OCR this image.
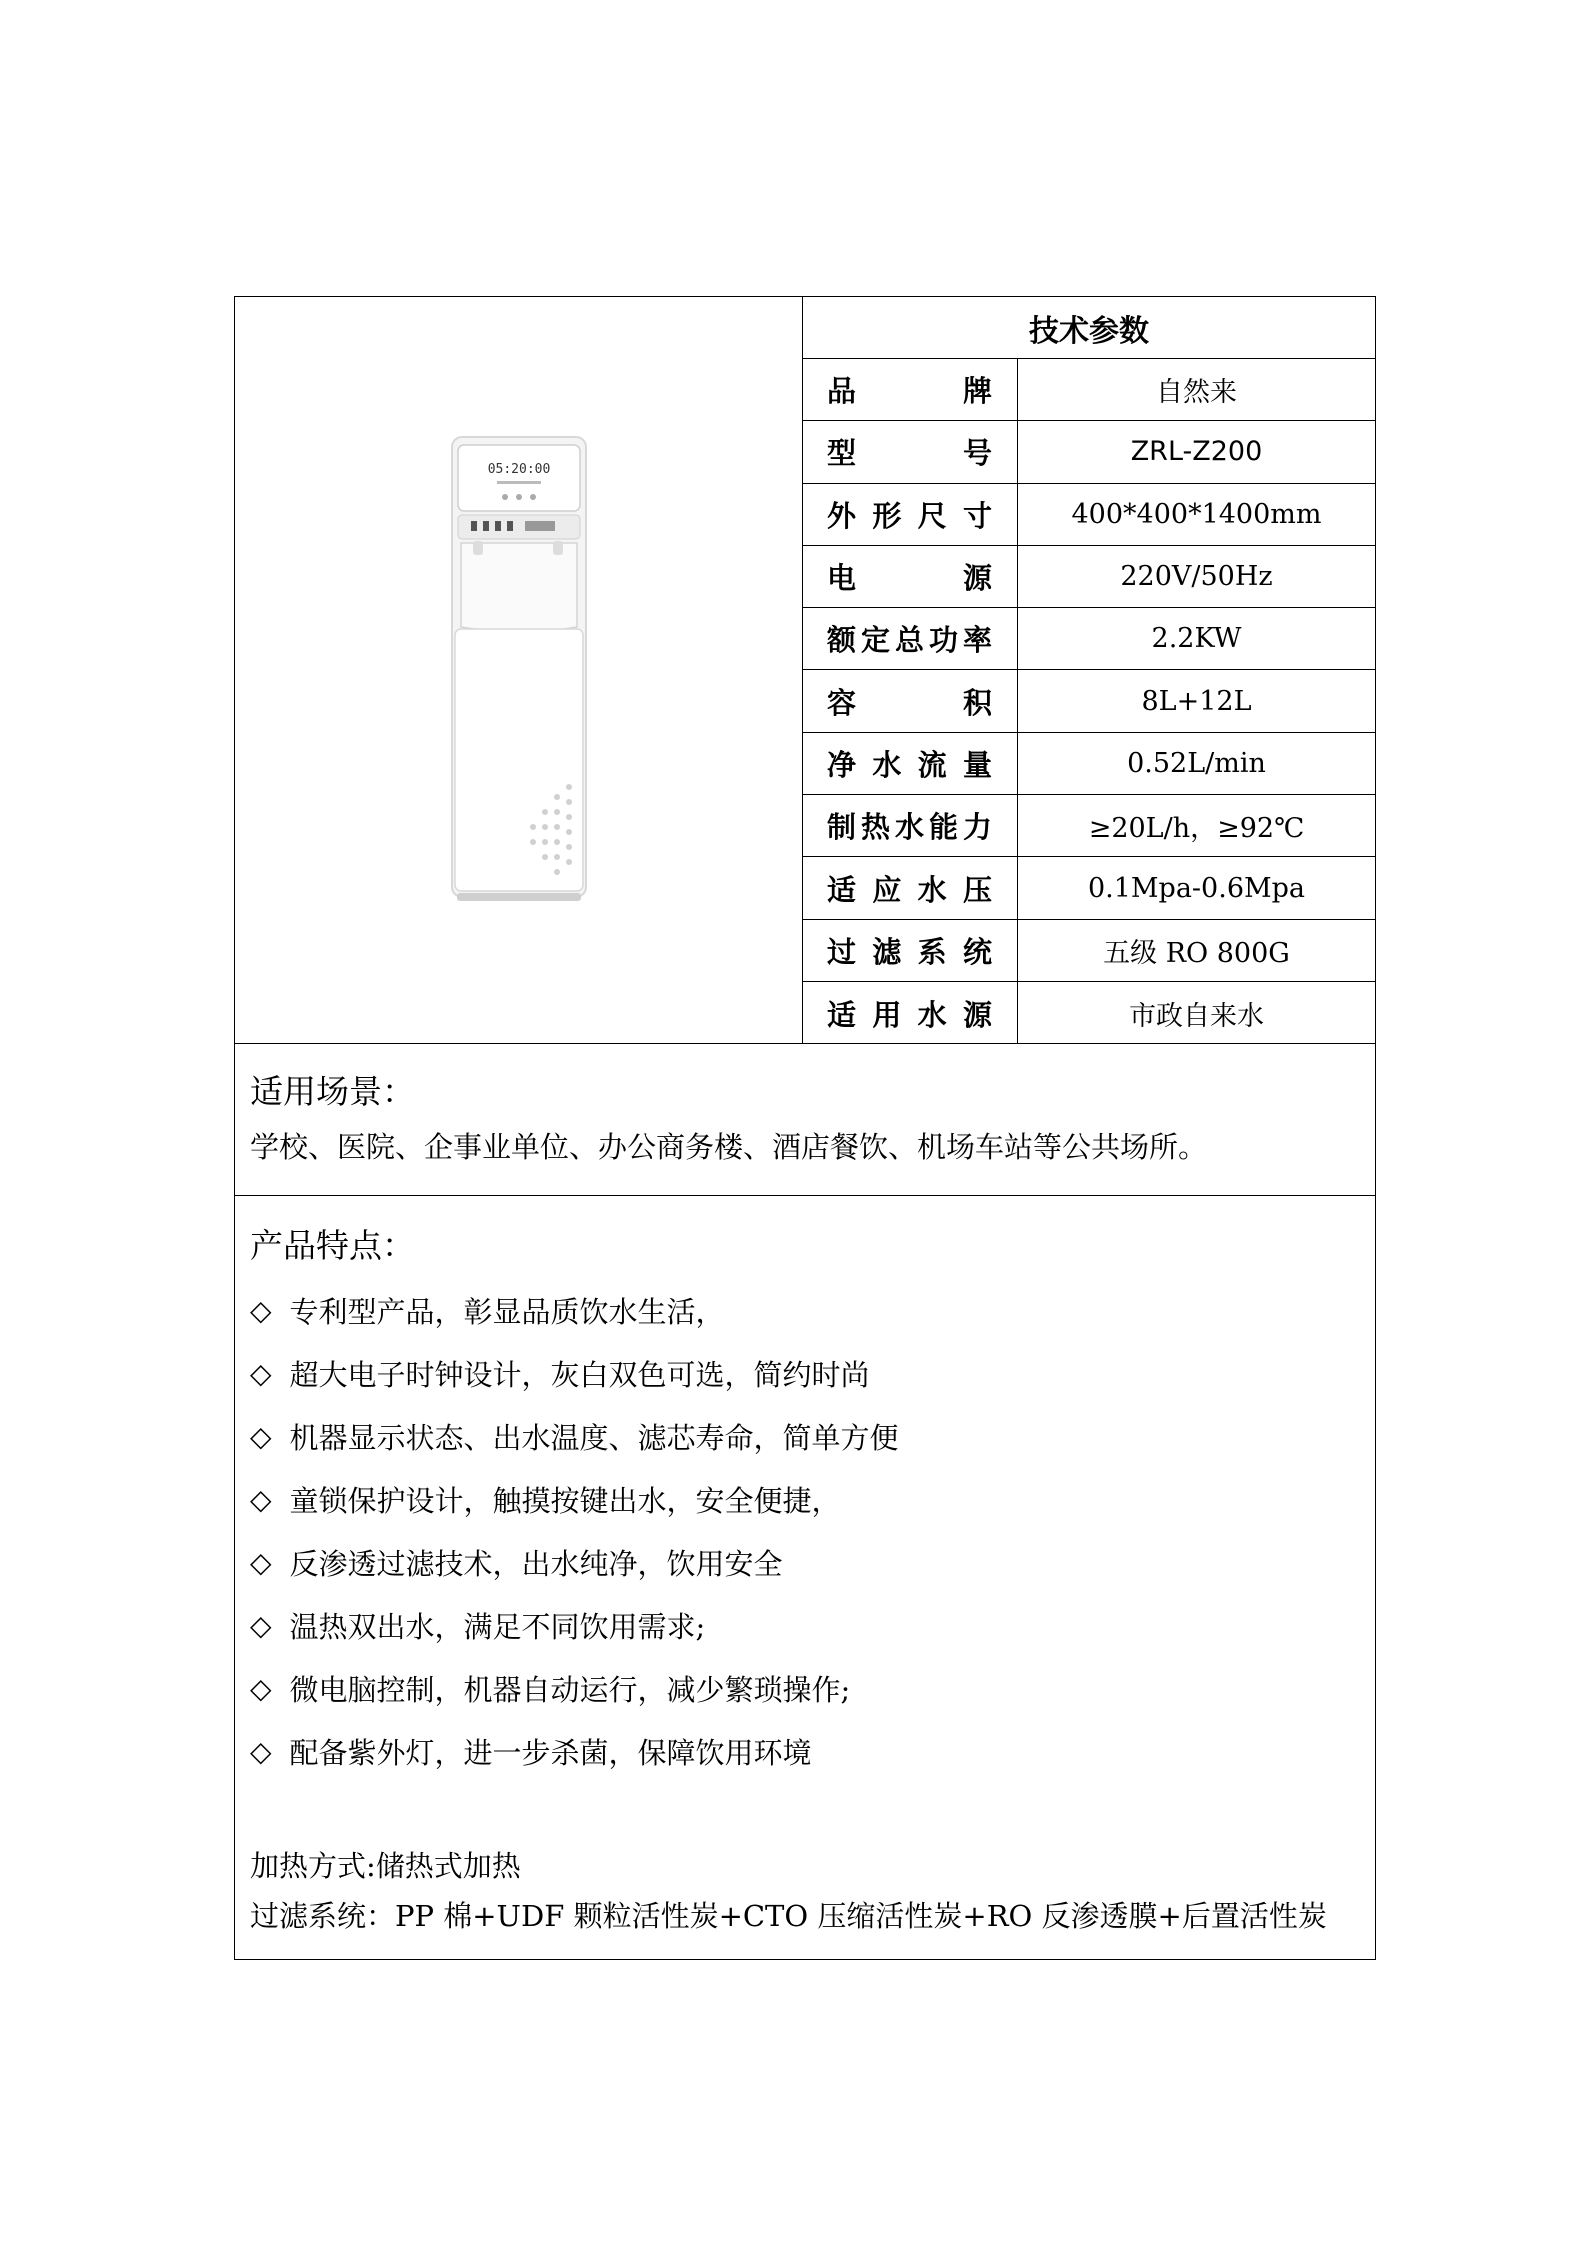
05:20:00
技术参数
品牌	自然来
型号	ZRL-Z200
外形尺寸	400*400*1400mm
电源	220V/50Hz
额定总功率	2.2KW
容积	8L+12L
净水流量	0.52L/min
制热水能力	≥20L/h，≥92℃
适应水压	0.1Mpa-0.6Mpa
过滤系统	五级 RO 800G
适用水源	市政自来水
适用场景：
学校、医院、企事业单位、办公商务楼、酒店餐饮、机场车站等公共场所。
产品特点：
◇ 专利型产品，彰显品质饮水生活，
◇ 超大电子时钟设计，灰白双色可选，简约时尚
◇ 机器显示状态、出水温度、滤芯寿命，简单方便
◇ 童锁保护设计，触摸按键出水，安全便捷，
◇ 反渗透过滤技术，出水纯净，饮用安全
◇ 温热双出水，满足不同饮用需求;
◇ 微电脑控制，机器自动运行，减少繁琐操作;
◇ 配备紫外灯，进一步杀菌，保障饮用环境
加热方式:储热式加热
过滤系统：PP 棉+UDF 颗粒活性炭+CTO 压缩活性炭+RO 反渗透膜+后置活性炭
